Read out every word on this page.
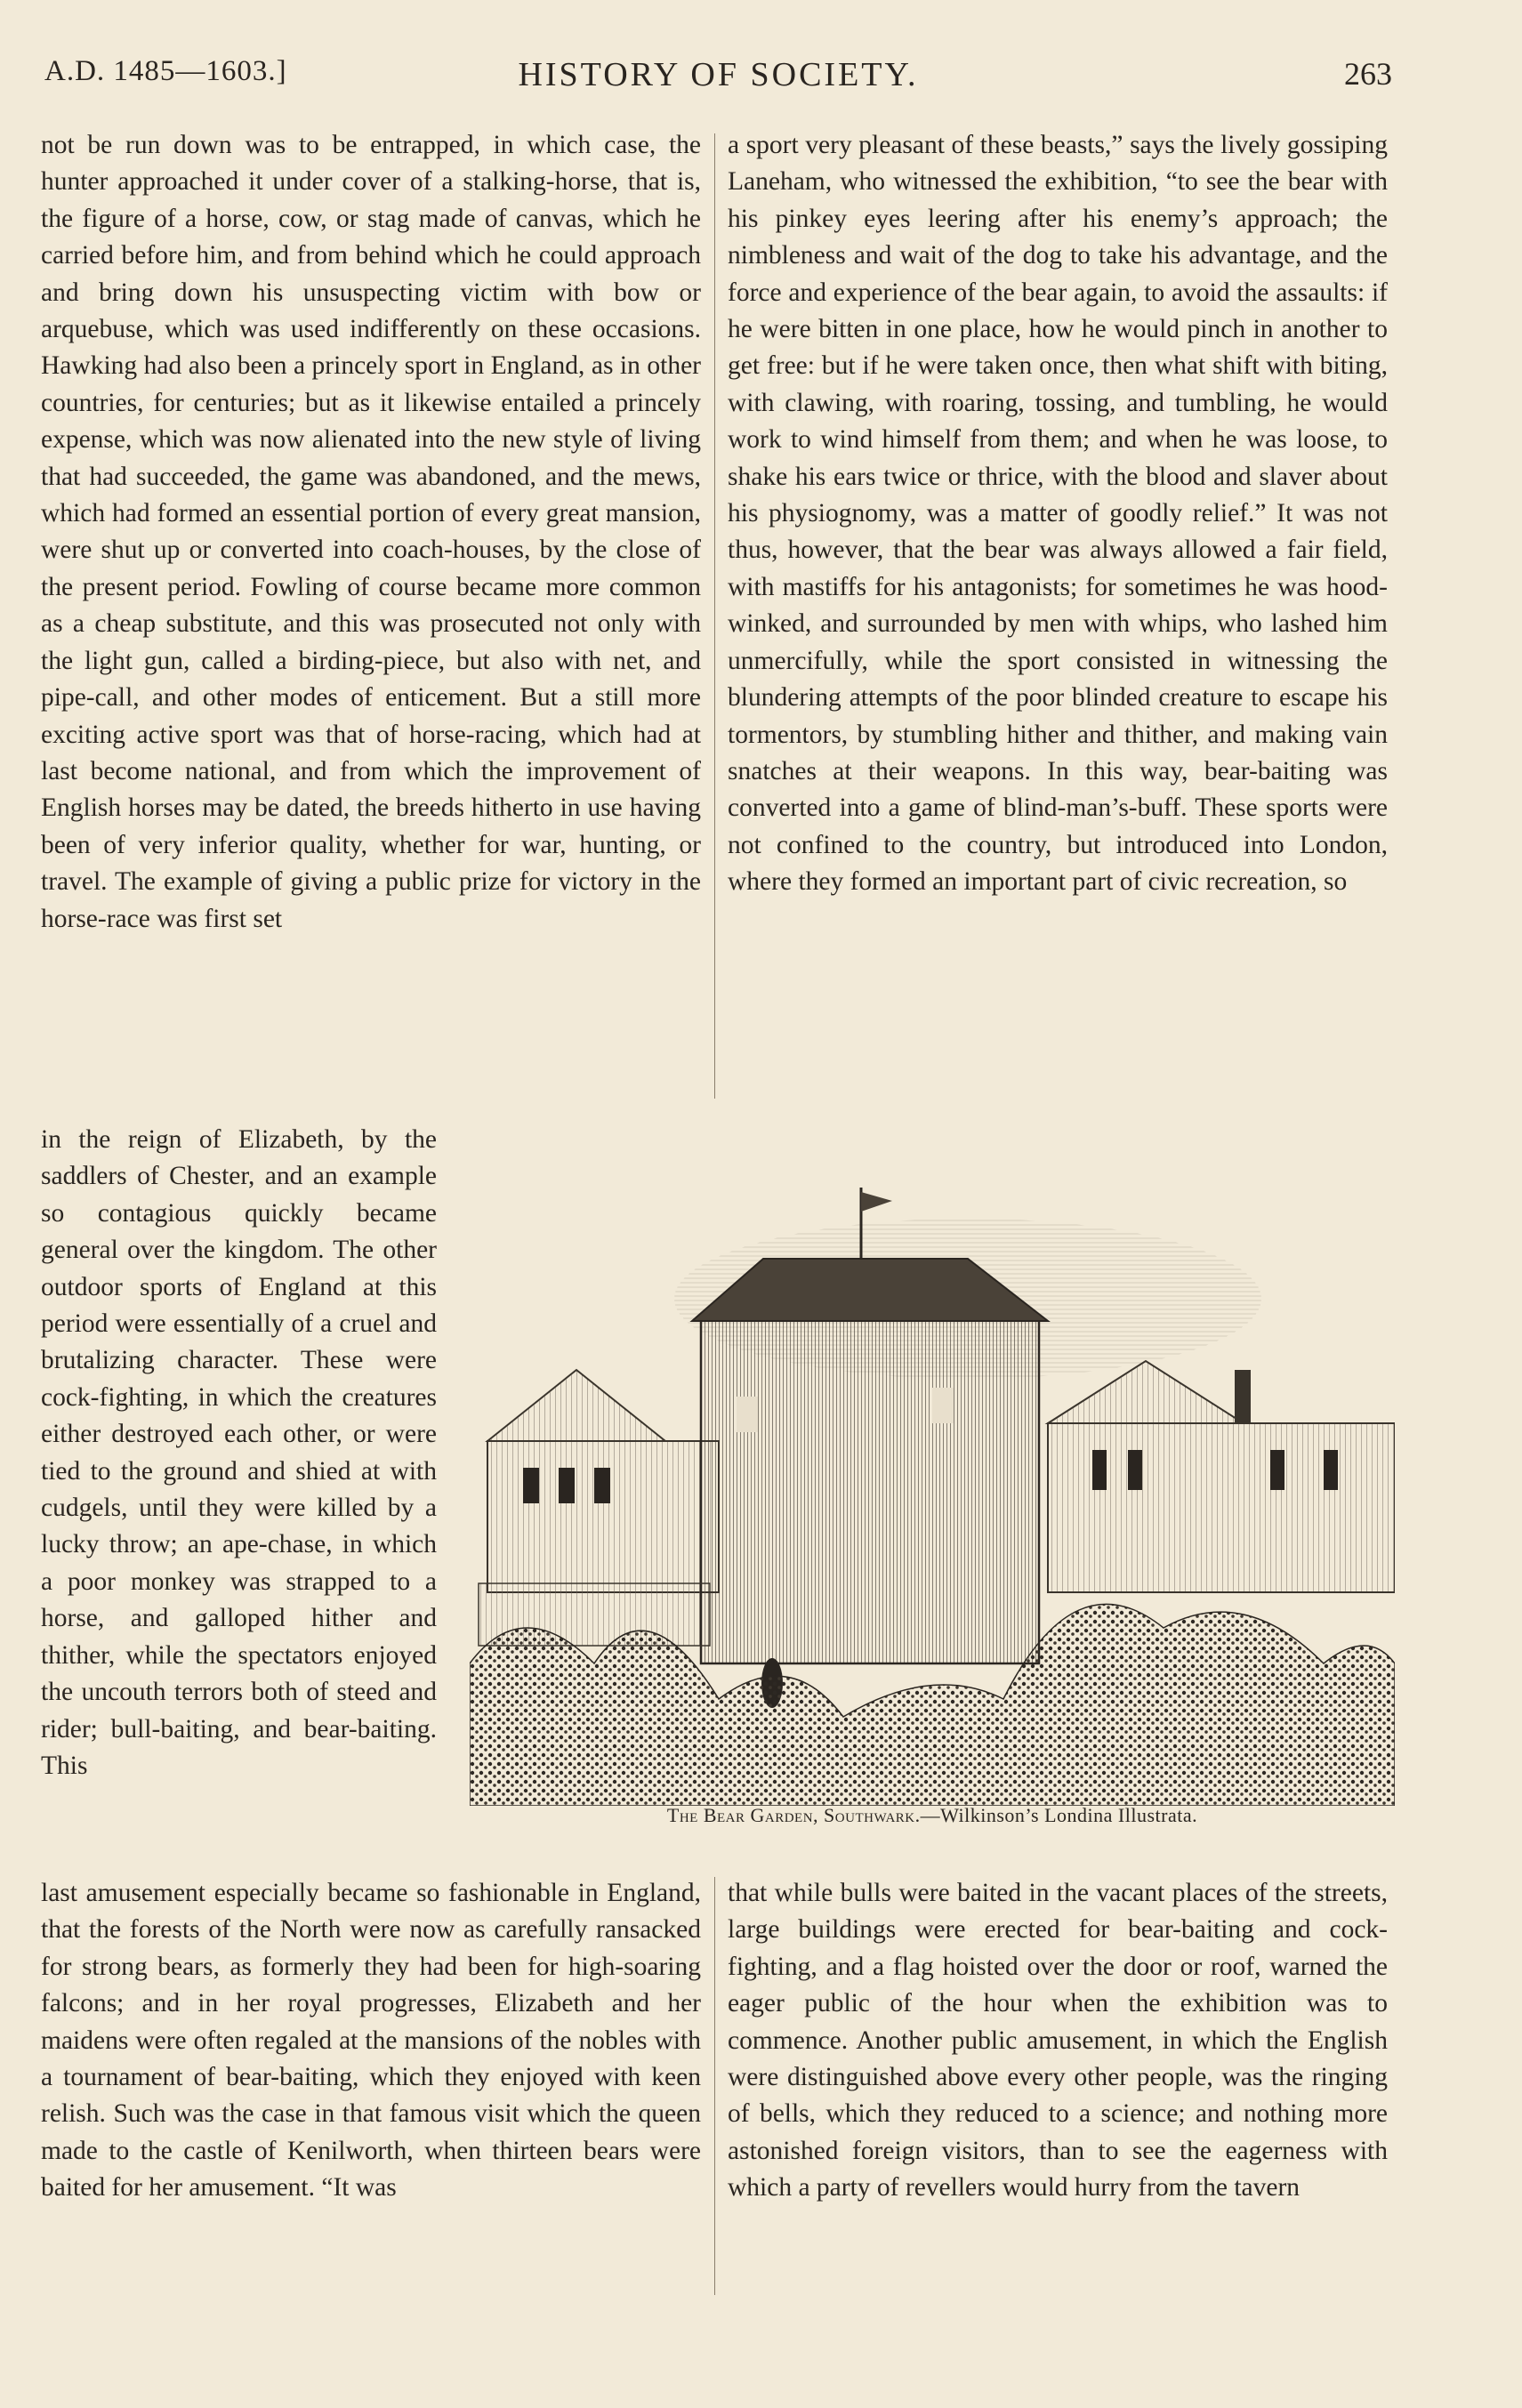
A.D. 1485—1603.]	HISTORY OF SOCIETY.	263

not be run down was to be entrapped, in which case, the hunter approached it under cover of a stalking-horse, that is, the figure of a horse, cow, or stag made of canvas, which he carried before him, and from behind which he could approach and bring down his unsuspecting victim with bow or arquebuse, which was used indifferently on these occasions. Hawking had also been a princely sport in England, as in other countries, for centuries; but as it likewise entailed a princely expense, which was now alienated into the new style of living that had succeeded, the game was abandoned, and the mews, which had formed an essential portion of every great mansion, were shut up or converted into coach-houses, by the close of the present period. Fowling of course became more common as a cheap substitute, and this was prosecuted not only with the light gun, called a birding-piece, but also with net, and pipe-call, and other modes of enticement. But a still more exciting active sport was that of horse-racing, which had at last become national, and from which the improvement of English horses may be dated, the breeds hitherto in use having been of very inferior quality, whether for war, hunting, or travel. The example of giving a public prize for victory in the horse-race was first set

a sport very pleasant of these beasts,” says the lively gossiping Laneham, who witnessed the exhibition, “to see the bear with his pinkey eyes leering after his enemy’s approach; the nimbleness and wait of the dog to take his advantage, and the force and experience of the bear again, to avoid the assaults: if he were bitten in one place, how he would pinch in another to get free: but if he were taken once, then what shift with biting, with clawing, with roaring, tossing, and tumbling, he would work to wind himself from them; and when he was loose, to shake his ears twice or thrice, with the blood and slaver about his physiognomy, was a matter of goodly relief.” It was not thus, however, that the bear was always allowed a fair field, with mastiffs for his antagonists; for sometimes he was hood-winked, and surrounded by men with whips, who lashed him unmercifully, while the sport consisted in witnessing the blundering attempts of the poor blinded creature to escape his tormentors, by stumbling hither and thither, and making vain snatches at their weapons. In this way, bear-baiting was converted into a game of blind-man’s-buff. These sports were not confined to the country, but introduced into London, where they formed an important part of civic recreation, so

in the reign of Elizabeth, by the saddlers of Chester, and an example so contagious quickly became general over the kingdom. The other outdoor sports of England at this period were essentially of a cruel and brutalizing character. These were cock-fighting, in which the creatures either destroyed each other, or were tied to the ground and shied at with cudgels, until they were killed by a lucky throw; an ape-chase, in which a poor monkey was strapped to a horse, and galloped hither and thither, while the spectators enjoyed the uncouth terrors both of steed and rider; bull-baiting, and bear-baiting. This

The Bear Garden, Southwark.—Wilkinson’s Londina Illustrata.

last amusement especially became so fashionable in England, that the forests of the North were now as carefully ransacked for strong bears, as formerly they had been for high-soaring falcons; and in her royal progresses, Elizabeth and her maidens were often regaled at the mansions of the nobles with a tournament of bear-baiting, which they enjoyed with keen relish. Such was the case in that famous visit which the queen made to the castle of Kenilworth, when thirteen bears were baited for her amusement. “It was

that while bulls were baited in the vacant places of the streets, large buildings were erected for bear-baiting and cock-fighting, and a flag hoisted over the door or roof, warned the eager public of the hour when the exhibition was to commence. Another public amusement, in which the English were distinguished above every other people, was the ringing of bells, which they reduced to a science; and nothing more astonished foreign visitors, than to see the eagerness with which a party of revellers would hurry from the tavern
